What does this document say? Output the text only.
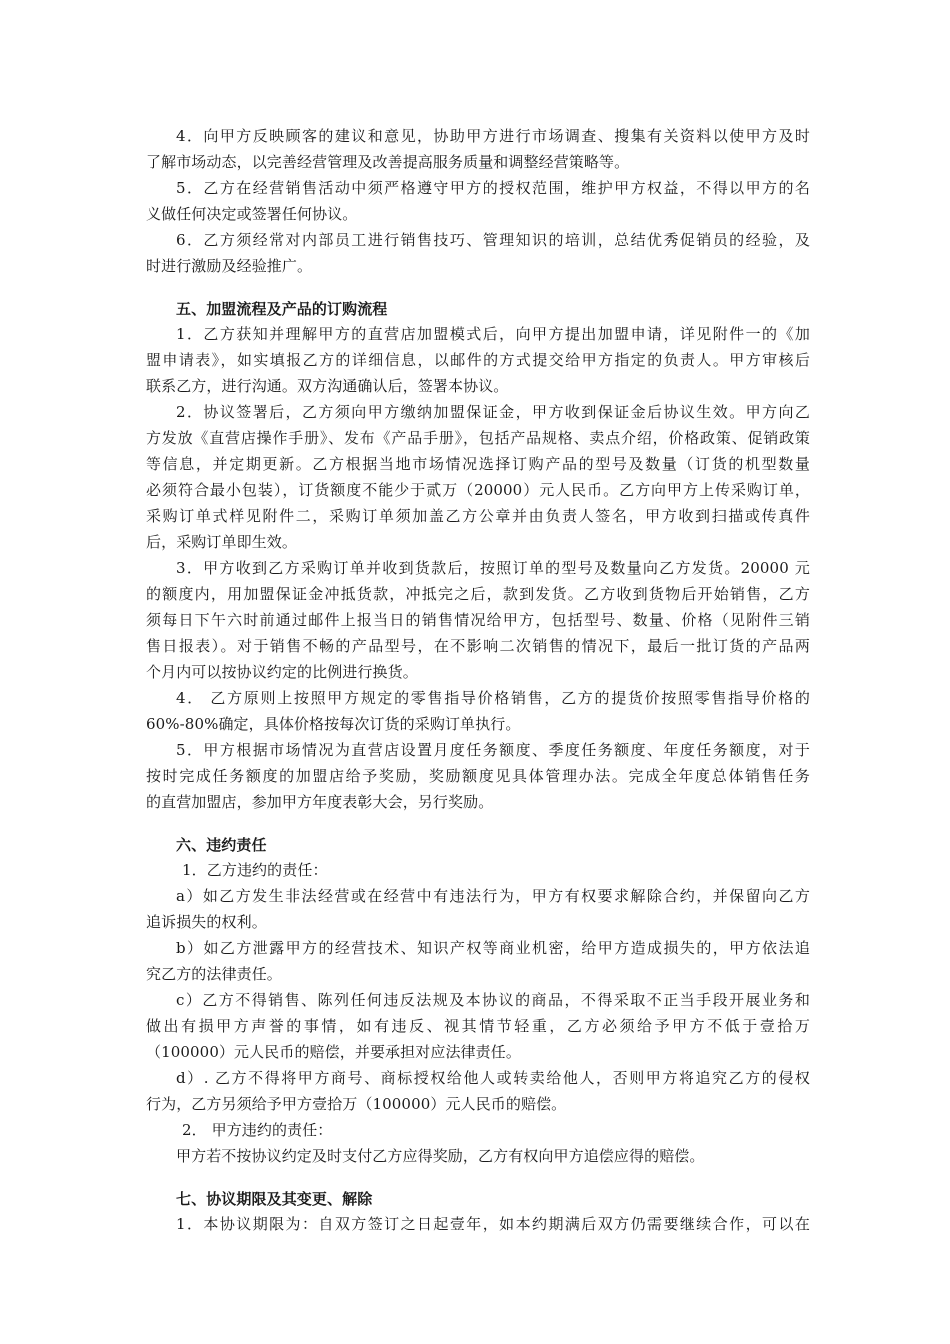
4．向甲方反映顾客的建议和意见，协助甲方进行市场调查、搜集有关资料以使甲方及时
了解市场动态，以完善经营管理及改善提高服务质量和调整经营策略等。
5．乙方在经营销售活动中须严格遵守甲方的授权范围，维护甲方权益，不得以甲方的名
义做任何决定或签署任何协议。
6．乙方须经常对内部员工进行销售技巧、管理知识的培训，总结优秀促销员的经验，及
时进行激励及经验推广。
五、加盟流程及产品的订购流程
1．乙方获知并理解甲方的直营店加盟模式后，向甲方提出加盟申请，详见附件一的《加
盟申请表》，如实填报乙方的详细信息，以邮件的方式提交给甲方指定的负责人。甲方审核后
联系乙方，进行沟通。双方沟通确认后，签署本协议。
2．协议签署后，乙方须向甲方缴纳加盟保证金，甲方收到保证金后协议生效。甲方向乙
方发放《直营店操作手册》、发布《产品手册》，包括产品规格、卖点介绍，价格政策、促销政策
等信息，并定期更新。乙方根据当地市场情况选择订购产品的型号及数量（订货的机型数量
必须符合最小包装），订货额度不能少于贰万（20000）元人民币。乙方向甲方上传采购订单，
采购订单式样见附件二，采购订单须加盖乙方公章并由负责人签名，甲方收到扫描或传真件
后，采购订单即生效。
3．甲方收到乙方采购订单并收到货款后，按照订单的型号及数量向乙方发货。20000 元
的额度内，用加盟保证金冲抵货款，冲抵完之后，款到发货。乙方收到货物后开始销售，乙方
须每日下午六时前通过邮件上报当日的销售情况给甲方，包括型号、数量、价格（见附件三销
售日报表）。对于销售不畅的产品型号，在不影响二次销售的情况下，最后一批订货的产品两
个月内可以按协议约定的比例进行换货。
4． 乙方原则上按照甲方规定的零售指导价格销售，乙方的提货价按照零售指导价格的
60%-80%确定，具体价格按每次订货的采购订单执行。
5．甲方根据市场情况为直营店设置月度任务额度、季度任务额度、年度任务额度，对于
按时完成任务额度的加盟店给予奖励，奖励额度见具体管理办法。完成全年度总体销售任务
的直营加盟店，参加甲方年度表彰大会，另行奖励。
六、违约责任
1．乙方违约的责任：
a）如乙方发生非法经营或在经营中有违法行为，甲方有权要求解除合约，并保留向乙方
追诉损失的权利。
b）如乙方泄露甲方的经营技术、知识产权等商业机密，给甲方造成损失的，甲方依法追
究乙方的法律责任。
c）乙方不得销售、陈列任何违反法规及本协议的商品，不得采取不正当手段开展业务和
做出有损甲方声誉的事情，如有违反、视其情节轻重，乙方必须给予甲方不低于壹拾万
（100000）元人民币的赔偿，并要承担对应法律责任。
d）. 乙方不得将甲方商号、商标授权给他人或转卖给他人，否则甲方将追究乙方的侵权
行为，乙方另须给予甲方壹拾万（100000）元人民币的赔偿。
2． 甲方违约的责任：
甲方若不按协议约定及时支付乙方应得奖励，乙方有权向甲方追偿应得的赔偿。
七、协议期限及其变更、解除
1．本协议期限为：自双方签订之日起壹年，如本约期满后双方仍需要继续合作，可以在
